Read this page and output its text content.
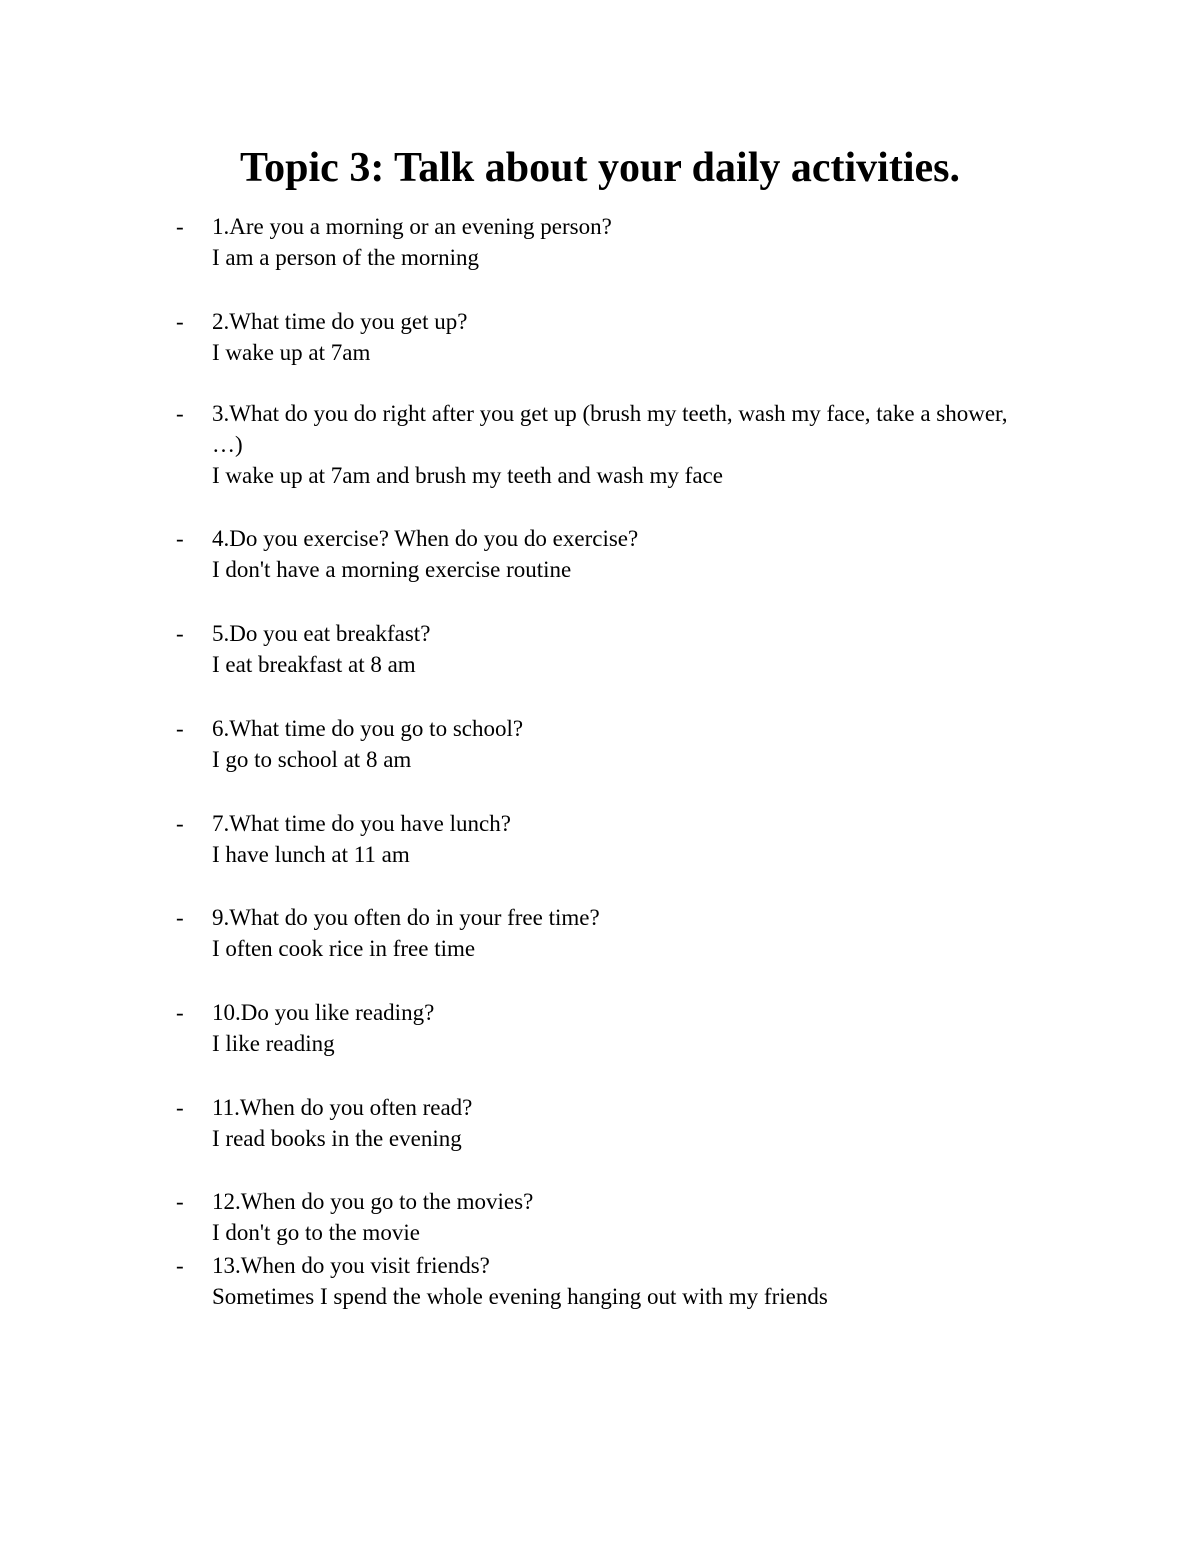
Topic 3: Talk about your daily activities.
- 1.Are you a morning or an evening person?
I am a person of the morning
- 2.What time do you get up?
I wake up at 7am
- 3.What do you do right after you get up (brush my teeth, wash my face, take a shower, …)
I wake up at 7am and brush my teeth and wash my face
- 4.Do you exercise? When do you do exercise?
I don't have a morning exercise routine
- 5.Do you eat breakfast?
I eat breakfast at 8 am
- 6.What time do you go to school?
I go to school at 8 am
- 7.What time do you have lunch?
I have lunch at 11 am
- 9.What do you often do in your free time?
I often cook rice in free time
- 10.Do you like reading?
I like reading
- 11.When do you often read?
I read books in the evening
- 12.When do you go to the movies?
I don't go to the movie
- 13.When do you visit friends?
Sometimes I spend the whole evening hanging out with my friends
